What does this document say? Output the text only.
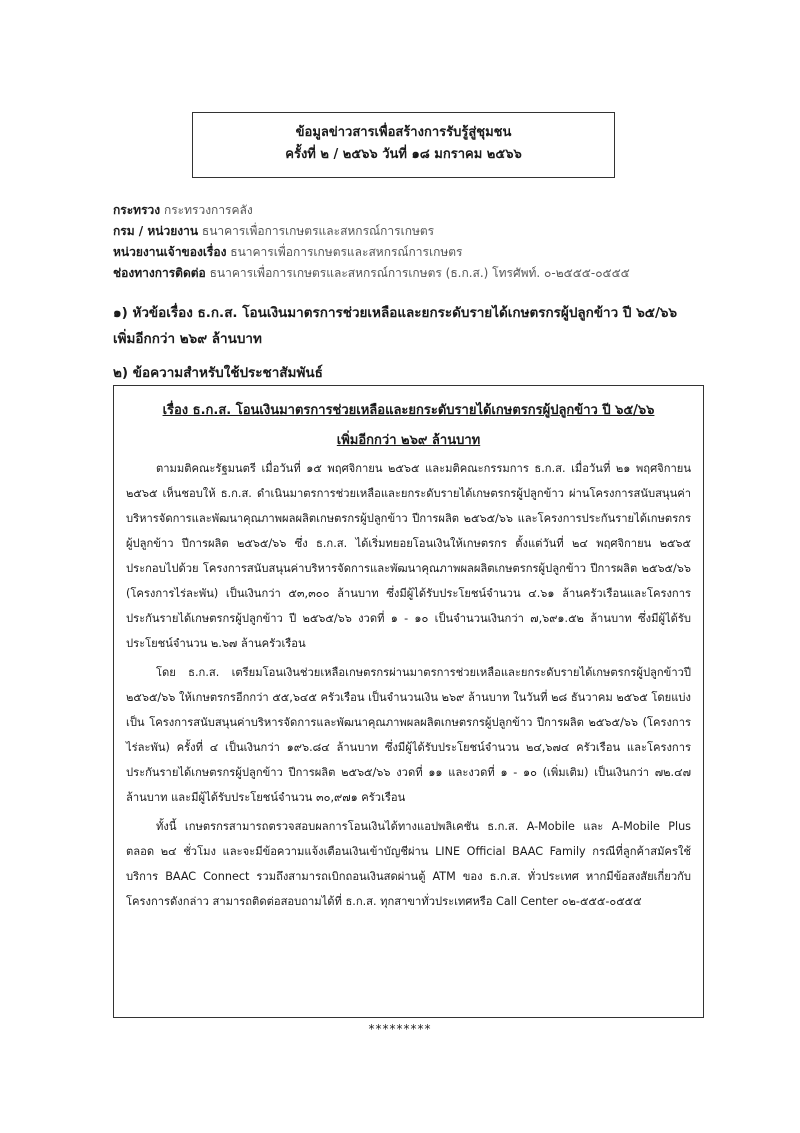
ข้อมูลข่าวสารเพื่อสร้างการรับรู้สู่ชุมชน
ครั้งที่ ๒ / ๒๕๖๖ วันที่ ๑๘ มกราคม ๒๕๖๖
กระทรวง กระทรวงการคลัง
กรม / หน่วยงาน ธนาคารเพื่อการเกษตรและสหกรณ์การเกษตร
หน่วยงานเจ้าของเรื่อง ธนาคารเพื่อการเกษตรและสหกรณ์การเกษตร
ช่องทางการติดต่อ ธนาคารเพื่อการเกษตรและสหกรณ์การเกษตร (ธ.ก.ส.) โทรศัพท์. ๐-๒๕๕๕-๐๕๕๕
๑) หัวข้อเรื่อง ธ.ก.ส. โอนเงินมาตรการช่วยเหลือและยกระดับรายได้เกษตรกรผู้ปลูกข้าว ปี ๖๕/๖๖
เพิ่มอีกกว่า ๒๖๙ ล้านบาท
๒) ข้อความสำหรับใช้ประชาสัมพันธ์
เรื่อง ธ.ก.ส. โอนเงินมาตรการช่วยเหลือและยกระดับรายได้เกษตรกรผู้ปลูกข้าว ปี ๖๕/๖๖
เพิ่มอีกกว่า ๒๖๙ ล้านบาท

ตามมติคณะรัฐมนตรี เมื่อวันที่ ๑๕ พฤศจิกายน ๒๕๖๕ และมติคณะกรรมการ ธ.ก.ส. เมื่อวันที่ ๒๑ พฤศจิกายน ๒๕๖๕ เห็นชอบให้ ธ.ก.ส. ดำเนินมาตรการช่วยเหลือและยกระดับรายได้เกษตรกรผู้ปลูกข้าว ผ่านโครงการสนับสนุนค่าบริหารจัดการและพัฒนาคุณภาพผลผลิตเกษตรกรผู้ปลูกข้าว ปีการผลิต ๒๕๖๕/๖๖ และโครงการประกันรายได้เกษตรกรผู้ปลูกข้าว ปีการผลิต ๒๕๖๕/๖๖ ซึ่ง ธ.ก.ส. ได้เริ่มทยอยโอนเงินให้เกษตรกร ตั้งแต่วันที่ ๒๔ พฤศจิกายน ๒๕๖๕ ประกอบไปด้วย โครงการสนับสนุนค่าบริหารจัดการและพัฒนาคุณภาพผลผลิตเกษตรกรผู้ปลูกข้าว ปีการผลิต ๒๕๖๕/๖๖ (โครงการไร่ละพัน) เป็นเงินกว่า ๕๓,๓๐๐ ล้านบาท ซึ่งมีผู้ได้รับประโยชน์จำนวน ๔.๖๑ ล้านครัวเรือนและโครงการประกันรายได้เกษตรกรผู้ปลูกข้าว ปี ๒๕๖๕/๖๖ งวดที่ ๑ - ๑๐ เป็นจำนวนเงินกว่า ๗,๖๙๑.๕๒ ล้านบาท ซึ่งมีผู้ได้รับประโยชน์จำนวน ๒.๖๗ ล้านครัวเรือน

โดย ธ.ก.ส. เตรียมโอนเงินช่วยเหลือเกษตรกรผ่านมาตรการช่วยเหลือและยกระดับรายได้เกษตรกรผู้ปลูกข้าวปี ๒๕๖๕/๖๖ ให้เกษตรกรอีกกว่า ๕๕,๖๔๕ ครัวเรือน เป็นจำนวนเงิน ๒๖๙ ล้านบาท ในวันที่ ๒๘ ธันวาคม ๒๕๖๕ โดยแบ่งเป็น โครงการสนับสนุนค่าบริหารจัดการและพัฒนาคุณภาพผลผลิตเกษตรกรผู้ปลูกข้าว ปีการผลิต ๒๕๖๕/๖๖ (โครงการไร่ละพัน) ครั้งที่ ๔ เป็นเงินกว่า ๑๙๖.๘๔ ล้านบาท ซึ่งมีผู้ได้รับประโยชน์จำนวน ๒๔,๖๗๔ ครัวเรือน และโครงการประกันรายได้เกษตรกรผู้ปลูกข้าว ปีการผลิต ๒๕๖๕/๖๖ งวดที่ ๑๑ และงวดที่ ๑ - ๑๐ (เพิ่มเติม) เป็นเงินกว่า ๗๒.๔๗ ล้านบาท และมีผู้ได้รับประโยชน์จำนวน ๓๐,๙๗๑ ครัวเรือน

ทั้งนี้ เกษตรกรสามารถตรวจสอบผลการโอนเงินได้ทางแอปพลิเคชัน ธ.ก.ส. A-Mobile และ A-Mobile Plus ตลอด ๒๔ ชั่วโมง และจะมีข้อความแจ้งเตือนเงินเข้าบัญชีผ่าน LINE Official BAAC Family กรณีที่ลูกค้าสมัครใช้บริการ BAAC Connect รวมถึงสามารถเบิกถอนเงินสดผ่านตู้ ATM ของ ธ.ก.ส. ทั่วประเทศ หากมีข้อสงสัยเกี่ยวกับโครงการดังกล่าว สามารถติดต่อสอบถามได้ที่ ธ.ก.ส. ทุกสาขาทั่วประเทศหรือ Call Center ๐๒-๕๕๕-๐๕๕๕

*********
